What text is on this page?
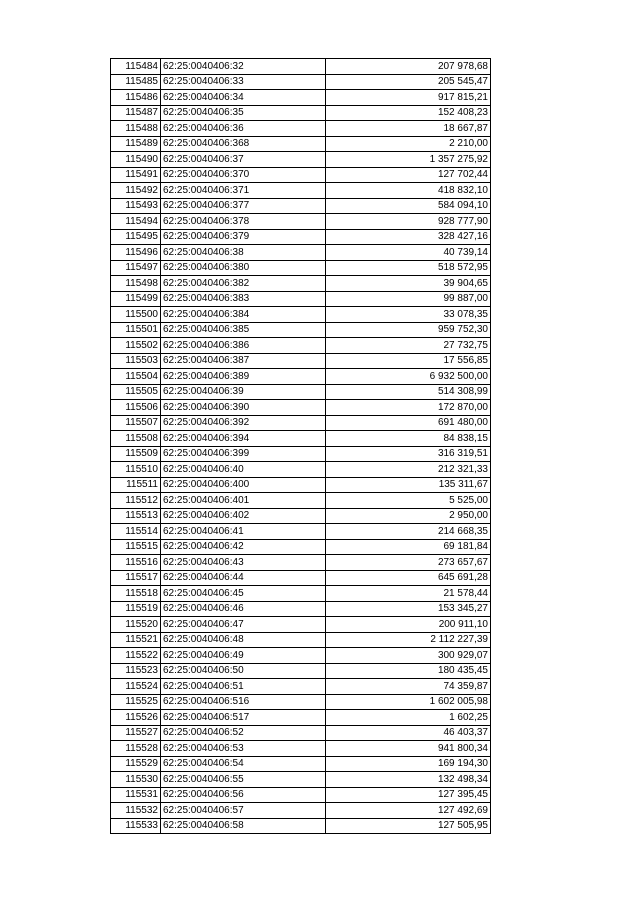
115484	62:25:0040406:32	207 978,68
115485	62:25:0040406:33	205 545,47
115486	62:25:0040406:34	917 815,21
115487	62:25:0040406:35	152 408,23
115488	62:25:0040406:36	18 667,87
115489	62:25:0040406:368	2 210,00
115490	62:25:0040406:37	1 357 275,92
115491	62:25:0040406:370	127 702,44
115492	62:25:0040406:371	418 832,10
115493	62:25:0040406:377	584 094,10
115494	62:25:0040406:378	928 777,90
115495	62:25:0040406:379	328 427,16
115496	62:25:0040406:38	40 739,14
115497	62:25:0040406:380	518 572,95
115498	62:25:0040406:382	39 904,65
115499	62:25:0040406:383	99 887,00
115500	62:25:0040406:384	33 078,35
115501	62:25:0040406:385	959 752,30
115502	62:25:0040406:386	27 732,75
115503	62:25:0040406:387	17 556,85
115504	62:25:0040406:389	6 932 500,00
115505	62:25:0040406:39	514 308,99
115506	62:25:0040406:390	172 870,00
115507	62:25:0040406:392	691 480,00
115508	62:25:0040406:394	84 838,15
115509	62:25:0040406:399	316 319,51
115510	62:25:0040406:40	212 321,33
115511	62:25:0040406:400	135 311,67
115512	62:25:0040406:401	5 525,00
115513	62:25:0040406:402	2 950,00
115514	62:25:0040406:41	214 668,35
115515	62:25:0040406:42	69 181,84
115516	62:25:0040406:43	273 657,67
115517	62:25:0040406:44	645 691,28
115518	62:25:0040406:45	21 578,44
115519	62:25:0040406:46	153 345,27
115520	62:25:0040406:47	200 911,10
115521	62:25:0040406:48	2 112 227,39
115522	62:25:0040406:49	300 929,07
115523	62:25:0040406:50	180 435,45
115524	62:25:0040406:51	74 359,87
115525	62:25:0040406:516	1 602 005,98
115526	62:25:0040406:517	1 602,25
115527	62:25:0040406:52	46 403,37
115528	62:25:0040406:53	941 800,34
115529	62:25:0040406:54	169 194,30
115530	62:25:0040406:55	132 498,34
115531	62:25:0040406:56	127 395,45
115532	62:25:0040406:57	127 492,69
115533	62:25:0040406:58	127 505,95
